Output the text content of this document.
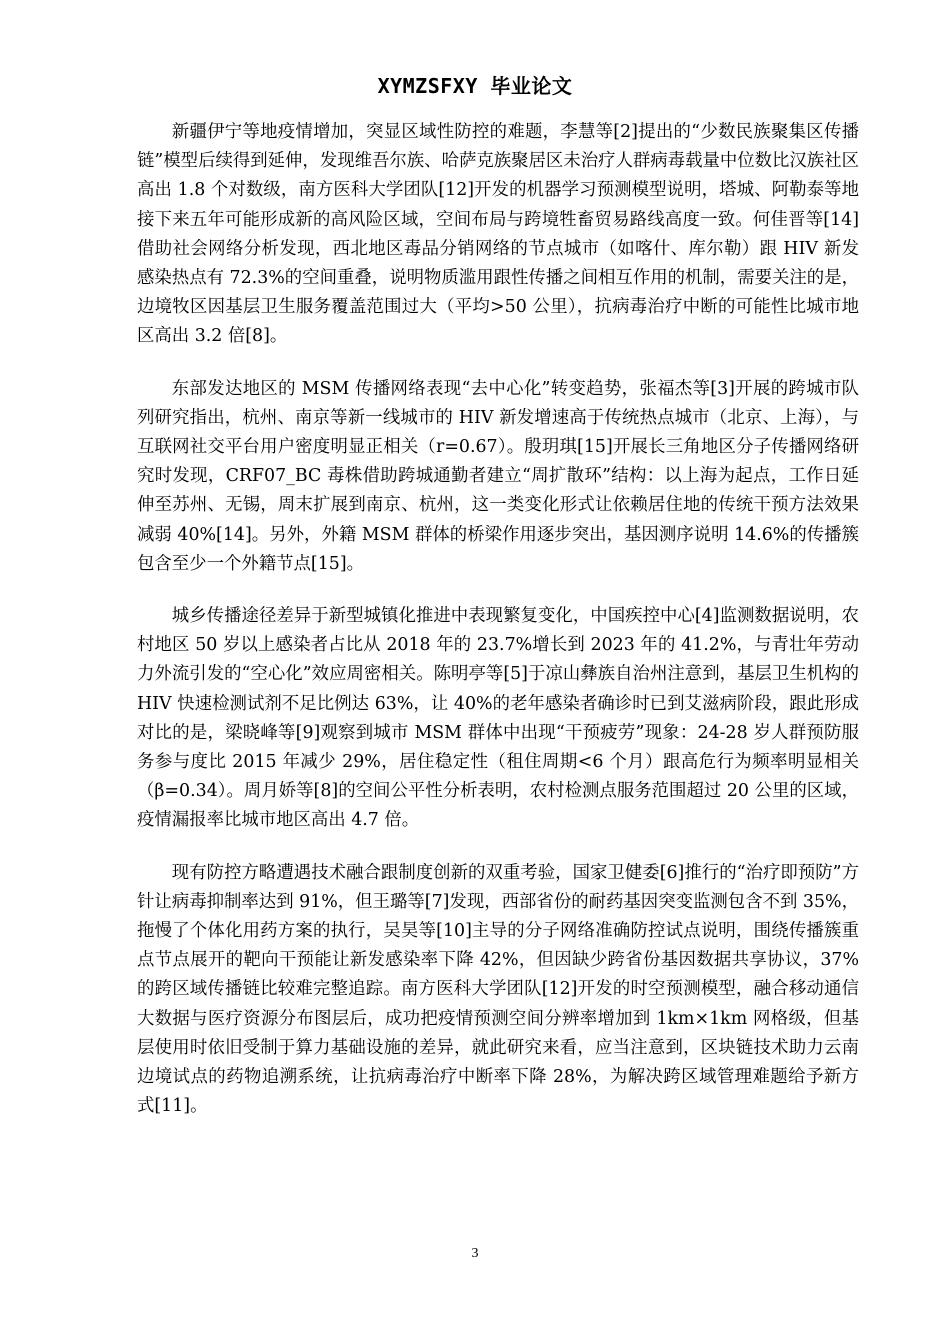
XYMZSFXY 毕业论文

新疆伊宁等地疫情增加，突显区域性防控的难题，李慧等[2]提出的“少数民族聚集区传播链”模型后续得到延伸，发现维吾尔族、哈萨克族聚居区未治疗人群病毒载量中位数比汉族社区高出 1.8 个对数级，南方医科大学团队[12]开发的机器学习预测模型说明，塔城、阿勒泰等地接下来五年可能形成新的高风险区域，空间布局与跨境牲畜贸易路线高度一致。何佳晋等[14]借助社会网络分析发现，西北地区毒品分销网络的节点城市（如喀什、库尔勒）跟 HIV 新发感染热点有 72.3%的空间重叠，说明物质滥用跟性传播之间相互作用的机制，需要关注的是，边境牧区因基层卫生服务覆盖范围过大（平均>50 公里），抗病毒治疗中断的可能性比城市地区高出 3.2 倍[8]。

东部发达地区的 MSM 传播网络表现“去中心化”转变趋势，张福杰等[3]开展的跨城市队列研究指出，杭州、南京等新一线城市的 HIV 新发增速高于传统热点城市（北京、上海），与互联网社交平台用户密度明显正相关（r=0.67）。殷玥琪[15]开展长三角地区分子传播网络研究时发现，CRF07_BC 毒株借助跨城通勤者建立“周扩散环”结构：以上海为起点，工作日延伸至苏州、无锡，周末扩展到南京、杭州，这一类变化形式让依赖居住地的传统干预方法效果减弱 40%[14]。另外，外籍 MSM 群体的桥梁作用逐步突出，基因测序说明 14.6%的传播簇包含至少一个外籍节点[15]。

城乡传播途径差异于新型城镇化推进中表现繁复变化，中国疾控中心[4]监测数据说明，农村地区 50 岁以上感染者占比从 2018 年的 23.7%增长到 2023 年的 41.2%，与青壮年劳动力外流引发的“空心化”效应周密相关。陈明亭等[5]于凉山彝族自治州注意到，基层卫生机构的 HIV 快速检测试剂不足比例达 63%，让 40%的老年感染者确诊时已到艾滋病阶段，跟此形成对比的是，梁晓峰等[9]观察到城市 MSM 群体中出现“干预疲劳”现象：24-28 岁人群预防服务参与度比 2015 年减少 29%，居住稳定性（租住周期<6 个月）跟高危行为频率明显相关（β=0.34）。周月娇等[8]的空间公平性分析表明，农村检测点服务范围超过 20 公里的区域，疫情漏报率比城市地区高出 4.7 倍。

现有防控方略遭遇技术融合跟制度创新的双重考验，国家卫健委[6]推行的“治疗即预防”方针让病毒抑制率达到 91%，但王璐等[7]发现，西部省份的耐药基因突变监测包含不到 35%，拖慢了个体化用药方案的执行，吴昊等[10]主导的分子网络准确防控试点说明，围绕传播簇重点节点展开的靶向干预能让新发感染率下降 42%，但因缺少跨省份基因数据共享协议，37%的跨区域传播链比较难完整追踪。南方医科大学团队[12]开发的时空预测模型，融合移动通信大数据与医疗资源分布图层后，成功把疫情预测空间分辨率增加到 1km×1km 网格级，但基层使用时依旧受制于算力基础设施的差异，就此研究来看，应当注意到，区块链技术助力云南边境试点的药物追溯系统，让抗病毒治疗中断率下降 28%，为解决跨区域管理难题给予新方式[11]。

3
